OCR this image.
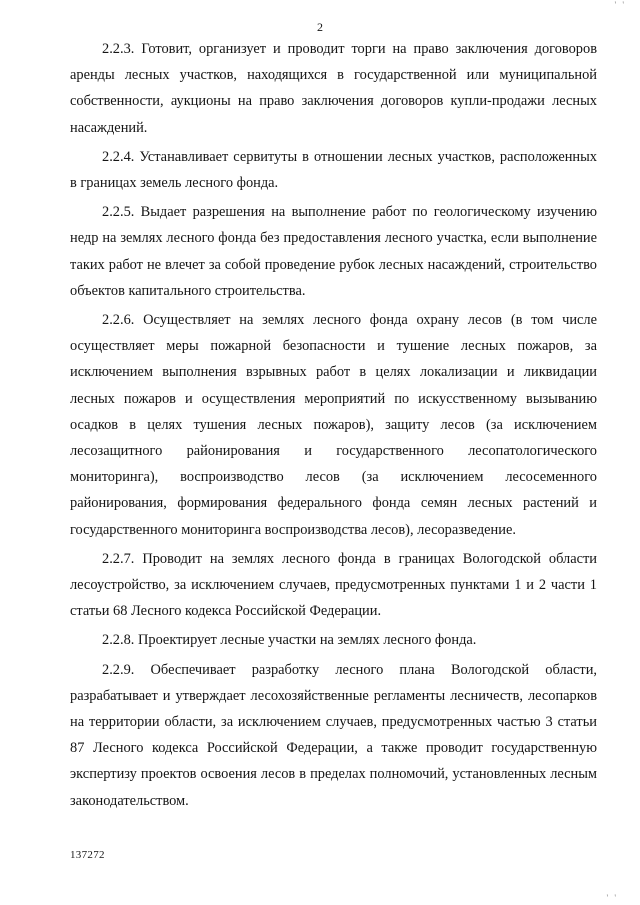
' '
2

2.2.3. Готовит, организует и проводит торги на право заключения договоров аренды лесных участков, находящихся в государственной или муниципальной собственности, аукционы на право заключения договоров купли-продажи лесных насаждений.

2.2.4. Устанавливает сервитуты в отношении лесных участков, расположенных в границах земель лесного фонда.

2.2.5. Выдает разрешения на выполнение работ по геологическому изучению недр на землях лесного фонда без предоставления лесного участка, если выполнение таких работ не влечет за собой проведение рубок лесных насаждений, строительство объектов капитального строительства.

2.2.6. Осуществляет на землях лесного фонда охрану лесов (в том числе осуществляет меры пожарной безопасности и тушение лесных пожаров, за исключением выполнения взрывных работ в целях локализации и ликвидации лесных пожаров и осуществления мероприятий по искусственному вызыванию осадков в целях тушения лесных пожаров), защиту лесов (за исключением лесозащитного районирования и государственного лесопатологического мониторинга), воспроизводство лесов (за исключением лесосеменного районирования, формирования федерального фонда семян лесных растений и государственного мониторинга воспроизводства лесов), лесоразведение.

2.2.7. Проводит на землях лесного фонда в границах Вологодской области лесоустройство, за исключением случаев, предусмотренных пунктами 1 и 2 части 1 статьи 68 Лесного кодекса Российской Федерации.

2.2.8. Проектирует лесные участки на землях лесного фонда.

2.2.9. Обеспечивает разработку лесного плана Вологодской области, разрабатывает и утверждает лесохозяйственные регламенты лесничеств, лесопарков на территории области, за исключением случаев, предусмотренных частью 3 статьи 87 Лесного кодекса Российской Федерации, а также проводит государственную экспертизу проектов освоения лесов в пределах полномочий, установленных лесным законодательством.

137272
' '
